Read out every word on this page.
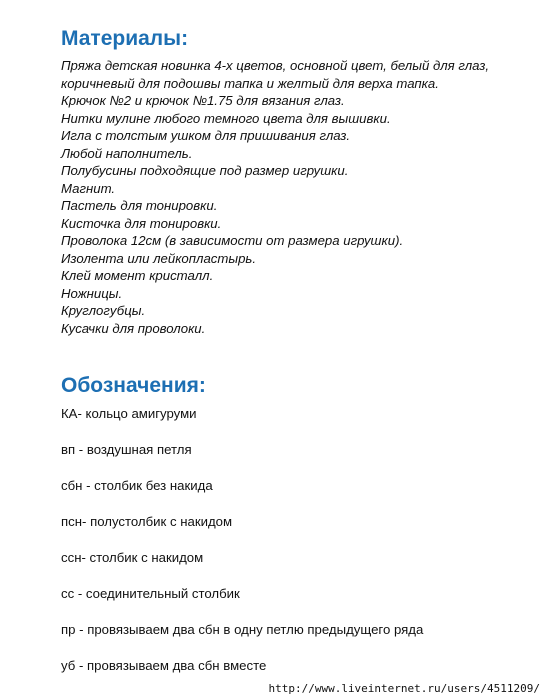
Материалы:
Пряжа детская новинка 4-х цветов, основной цвет, белый для глаз,
коричневый для подошвы тапка и желтый для верха тапка.
Крючок №2 и крючок №1.75 для вязания глаз.
Нитки мулине любого темного цвета для вышивки.
Игла с толстым ушком для пришивания глаз.
Любой наполнитель.
Полубусины подходящие под размер игрушки.
Магнит.
Пастель для тонировки.
Кисточка для тонировки.
Проволока 12см (в зависимости от размера игрушки).
Изолента или лейкопластырь.
Клей момент кристалл.
Ножницы.
Круглогубцы.
Кусачки для проволоки.
Обозначения:
КА- кольцо амигуруми
вп - воздушная петля
сбн - столбик без накида
псн- полустолбик с накидом
ссн- столбик с накидом
сс - соединительный столбик
пр - провязываем два сбн в одну петлю предыдущего ряда
уб - провязываем два сбн вместе
http://www.liveinternet.ru/users/4511209/
